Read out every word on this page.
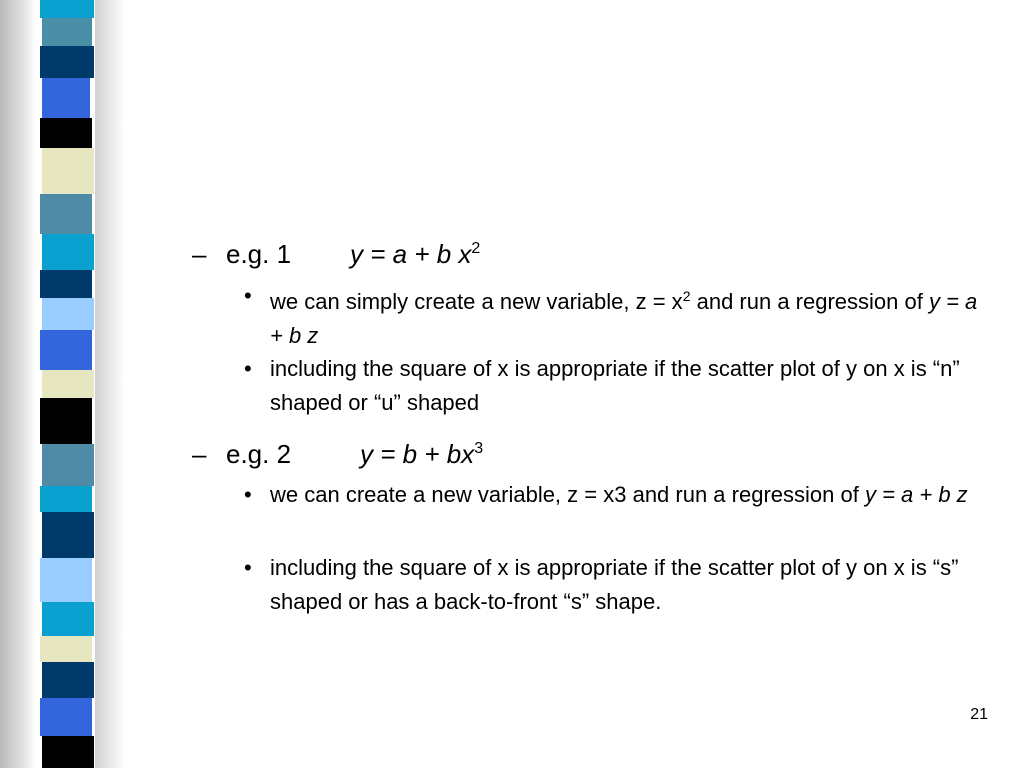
– e.g. 1 y = a + b $x^2$
• we can simply create a new variable, $z = x^2$ and run a regression of y = a + b z
• including the square of x is appropriate if the scatter plot of y on x is “n” shaped or “u” shaped
– e.g. 2	$y = b + bx^3$
• we can create a new variable, z = x3 and run a regression of y = a + b z
• including the square of x is appropriate if the scatter plot of y on x is “s” shaped or has a back-to-front “s” shape.
21
